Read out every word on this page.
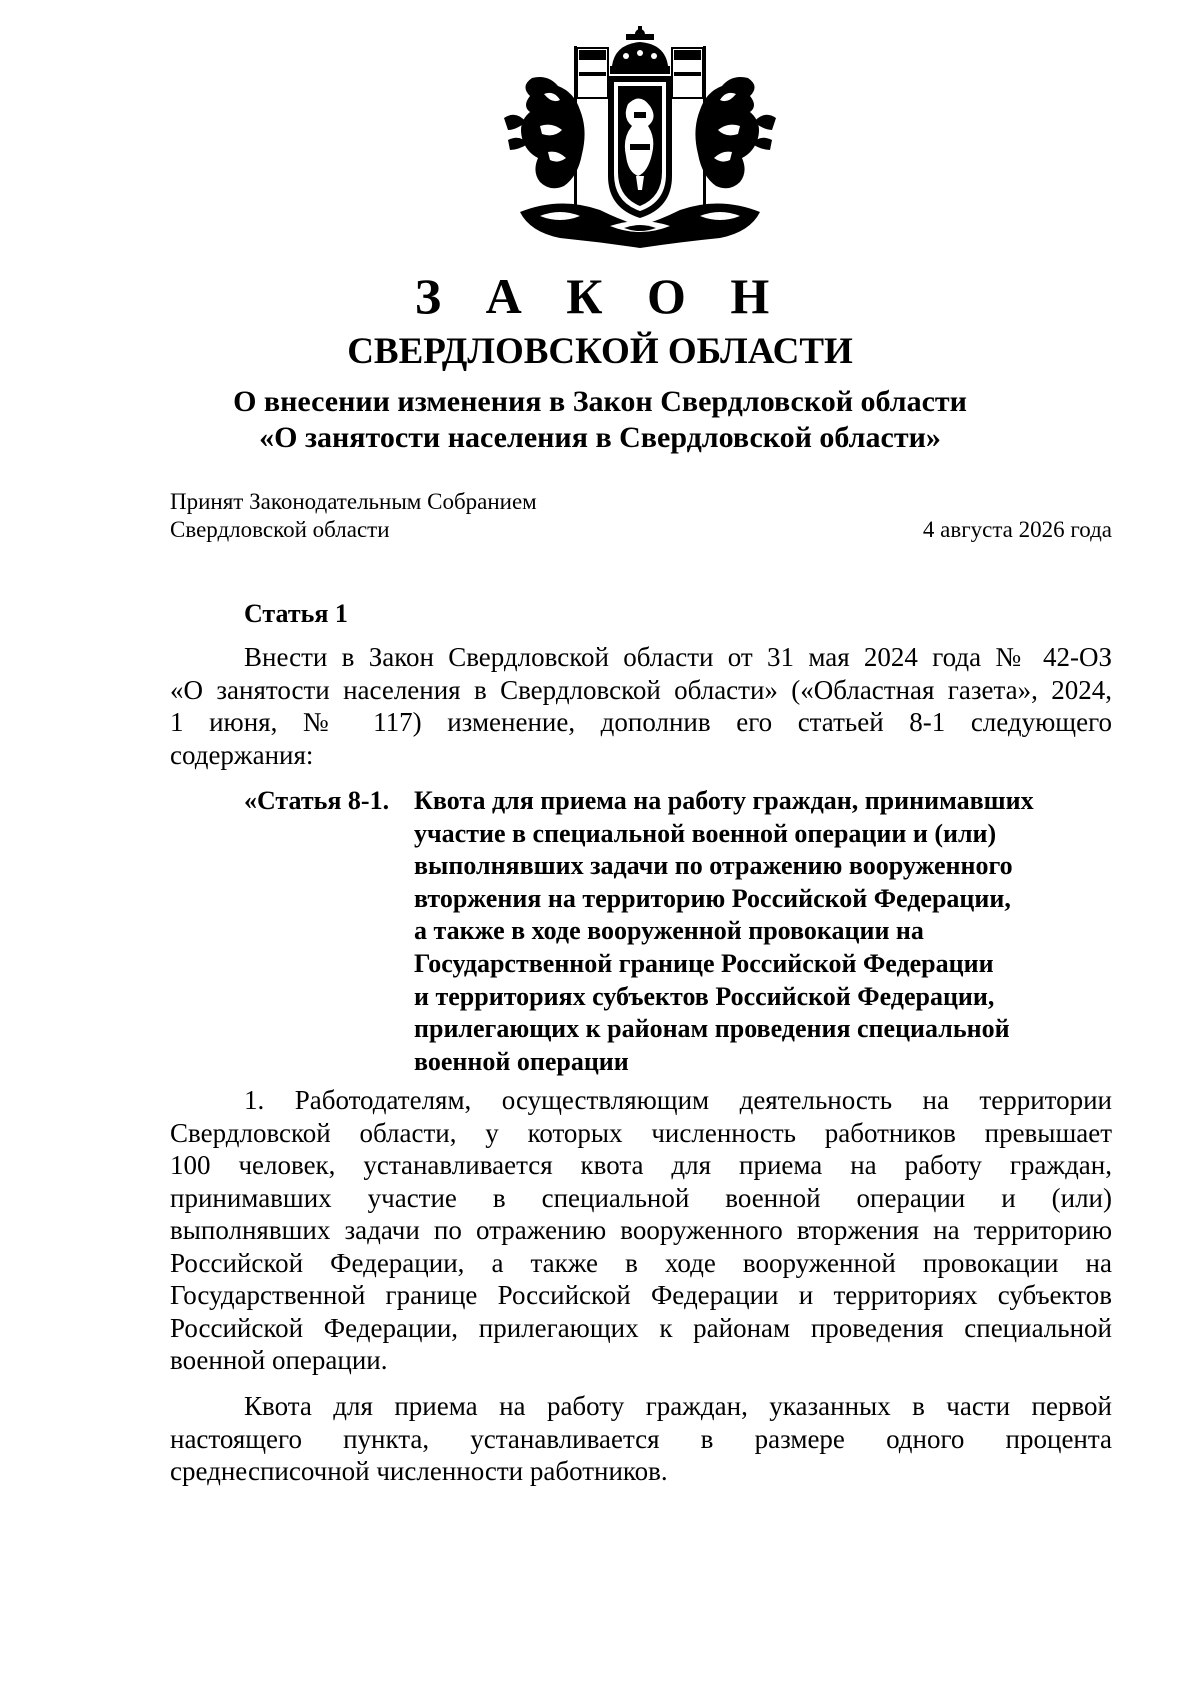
З А К О Н
СВЕРДЛОВСКОЙ ОБЛАСТИ
О внесении изменения в Закон Свердловской области
«О занятости населения в Свердловской области»
Принят Законодательным Собранием
Свердловской области	4 августа 2026 года
Статья 1
Внести в Закон Свердловской области от 31 мая 2024 года № 42-ОЗ
«О занятости населения в Свердловской области» («Областная газета», 2024,
1 июня, № 117) изменение, дополнив его статьей 8-1 следующего
содержания:
«Статья 8-1. Квота для приема на работу граждан, принимавших
участие в специальной военной операции и (или)
выполнявших задачи по отражению вооруженного
вторжения на территорию Российской Федерации,
а также в ходе вооруженной провокации на
Государственной границе Российской Федерации
и территориях субъектов Российской Федерации,
прилегающих к районам проведения специальной
военной операции
1. Работодателям, осуществляющим деятельность на территории
Свердловской области, у которых численность работников превышает
100 человек, устанавливается квота для приема на работу граждан,
принимавших участие в специальной военной операции и (или)
выполнявших задачи по отражению вооруженного вторжения на территорию
Российской Федерации, а также в ходе вооруженной провокации на
Государственной границе Российской Федерации и территориях субъектов
Российской Федерации, прилегающих к районам проведения специальной
военной операции.
Квота для приема на работу граждан, указанных в части первой
настоящего пункта, устанавливается в размере одного процента
среднесписочной численности работников.
